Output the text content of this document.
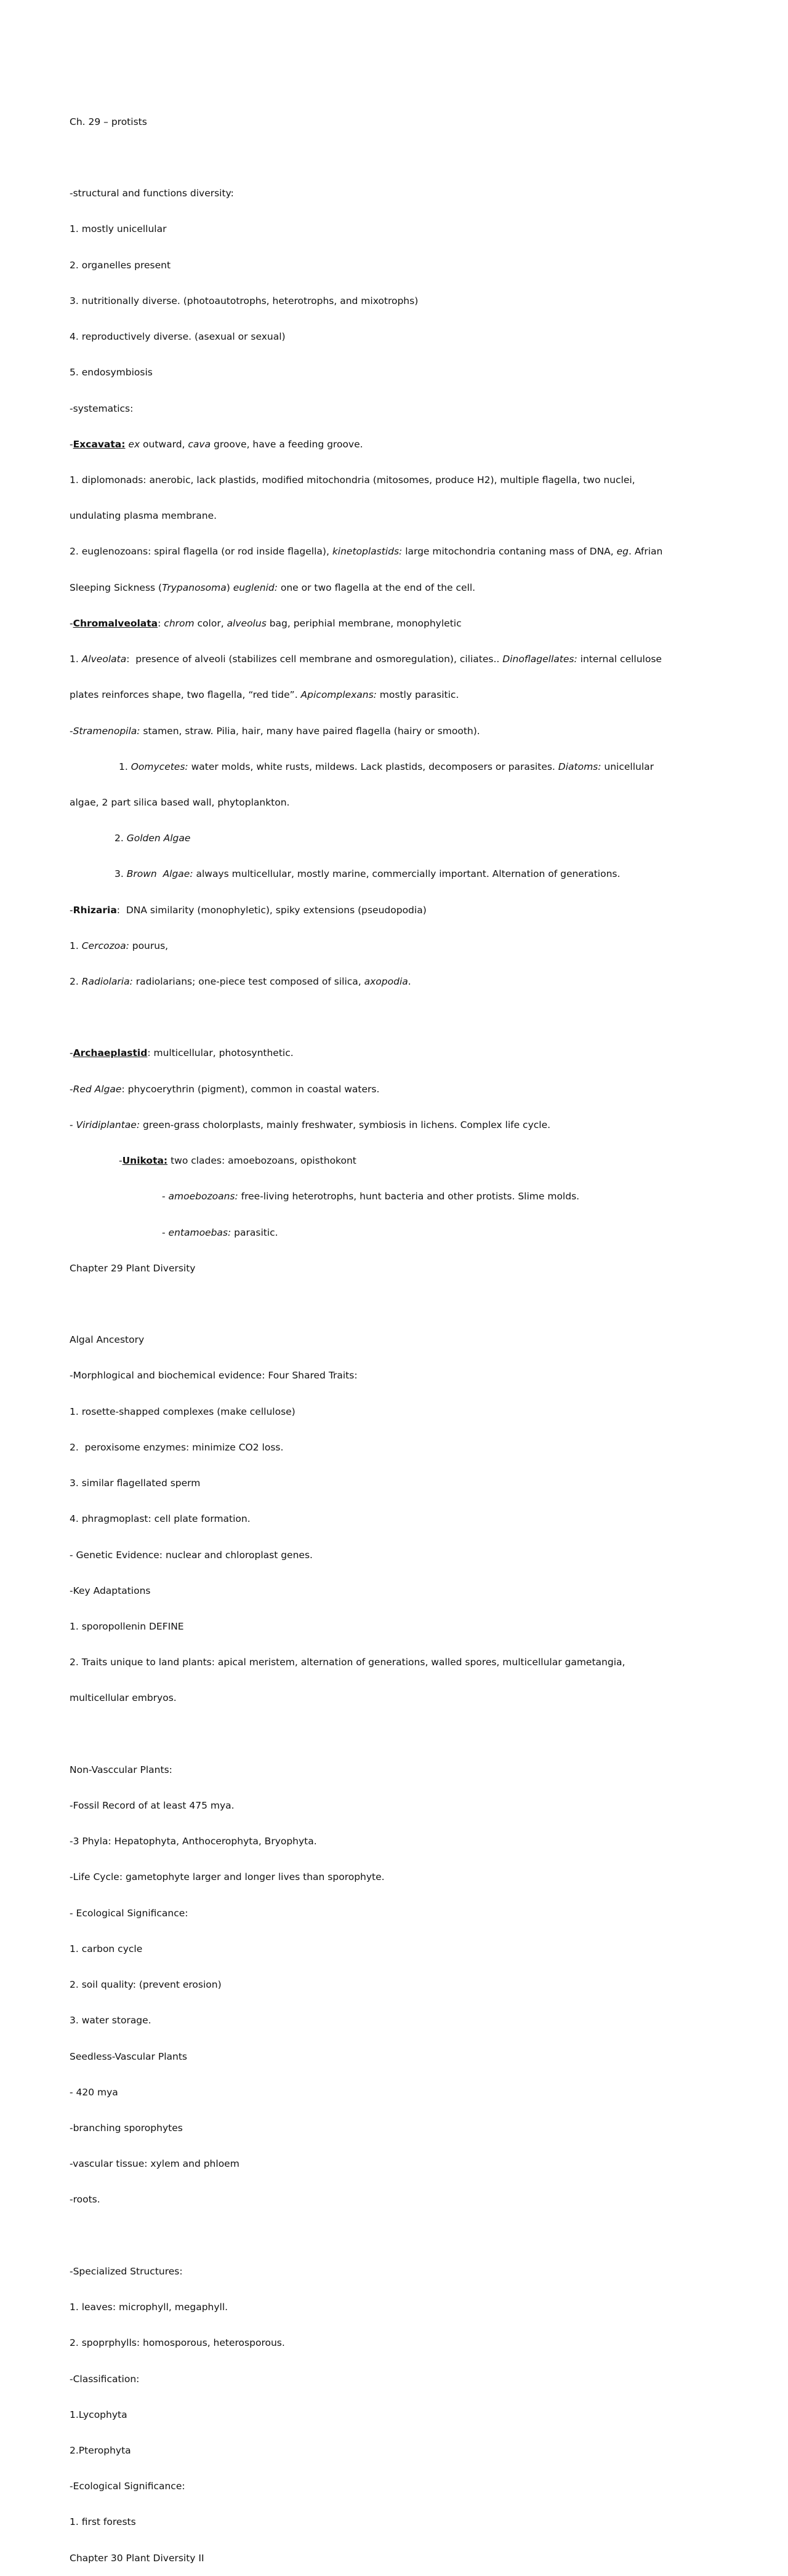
Ch. 29 – protists

-structural and functions diversity:

1. mostly unicellular

2. organelles present

3. nutritionally diverse. (photoautotrophs, heterotrophs, and mixotrophs)

4. reproductively diverse. (asexual or sexual)

5. endosymbiosis

-systematics:

-Excavata: ex outward, cava groove, have a feeding groove.

1. diplomonads: anerobic, lack plastids, modified mitochondria (mitosomes, produce H2), multiple flagella, two nuclei,

undulating plasma membrane.

2. euglenozoans: spiral flagella (or rod inside flagella), kinetoplastids: large mitochondria contaning mass of DNA, eg. Afrian

Sleeping Sickness (Trypanosoma) euglenid: one or two flagella at the end of the cell.

-Chromalveolata: chrom color, alveolus bag, periphial membrane, monophyletic

1. Alveolata:  presence of alveoli (stabilizes cell membrane and osmoregulation), ciliates.. Dinoflagellates: internal cellulose

plates reinforces shape, two flagella, “red tide”. Apicomplexans: mostly parasitic.

-Stramenopila: stamen, straw. Pilia, hair, many have paired flagella (hairy or smooth).

1. Oomycetes: water molds, white rusts, mildews. Lack plastids, decomposers or parasites. Diatoms: unicellular

algae, 2 part silica based wall, phytoplankton.

2. Golden Algae

3. Brown  Algae: always multicellular, mostly marine, commercially important. Alternation of generations.

-Rhizaria:  DNA similarity (monophyletic), spiky extensions (pseudopodia)

1. Cercozoa: pourus,

2. Radiolaria: radiolarians; one-piece test composed of silica, axopodia.

-Archaeplastid: multicellular, photosynthetic.

-Red Algae: phycoerythrin (pigment), common in coastal waters.

- Viridiplantae: green-grass cholorplasts, mainly freshwater, symbiosis in lichens. Complex life cycle.

-Unikota: two clades: amoebozoans, opisthokont

- amoebozoans: free-living heterotrophs, hunt bacteria and other protists. Slime molds.

- entamoebas: parasitic.

Chapter 29 Plant Diversity

Algal Ancestory

-Morphlogical and biochemical evidence: Four Shared Traits:

1. rosette-shapped complexes (make cellulose)

2.  peroxisome enzymes: minimize CO2 loss.

3. similar flagellated sperm

4. phragmoplast: cell plate formation.

- Genetic Evidence: nuclear and chloroplast genes.

-Key Adaptations

1. sporopollenin DEFINE

2. Traits unique to land plants: apical meristem, alternation of generations, walled spores, multicellular gametangia,

multicellular embryos.

Non-Vasccular Plants:

-Fossil Record of at least 475 mya.

-3 Phyla: Hepatophyta, Anthocerophyta, Bryophyta.

-Life Cycle: gametophyte larger and longer lives than sporophyte.

- Ecological Significance:

1. carbon cycle

2. soil quality: (prevent erosion)

3. water storage.

Seedless-Vascular Plants

- 420 mya

-branching sporophytes

-vascular tissue: xylem and phloem

-roots.

-Specialized Structures:

1. leaves: microphyll, megaphyll.

2. spoprphylls: homosporous, heterosporous.

-Classification:

1.Lycophyta

2.Pterophyta

-Ecological Significance:

1. first forests

Chapter 30 Plant Diversity II
